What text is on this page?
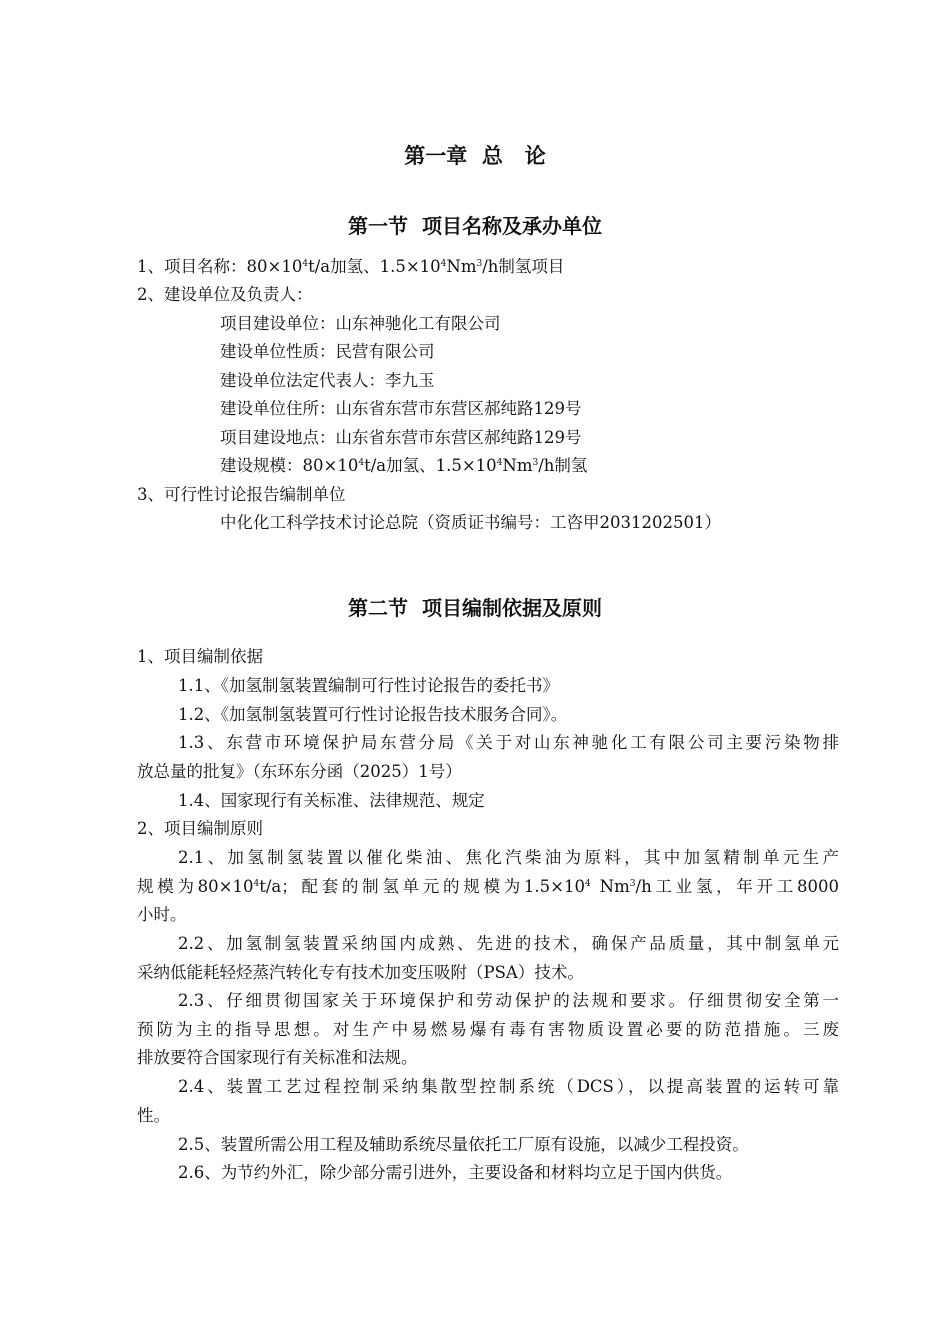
第一章  总   论
第一节  项目名称及承办单位

1、项目名称：$80\times 10^4t/a$加氢、$1.5\times 10^4Nm^3/h$制氢项目

2、建设单位及负责人：

项目建设单位：山东神驰化工有限公司

建设单位性质：民营有限公司

建设单位法定代表人：李九玉

建设单位住所：山东省东营市东营区郝纯路129号

项目建设地点：山东省东营市东营区郝纯路129号

建设规模：$80\times 10^4t/a$加氢、$1.5\times 10^4Nm^3/h$制氢

3、可行性讨论报告编制单位

中化化工科学技术讨论总院（资质证书编号：工咨甲2031202501）

第二节  项目编制依据及原则

1、项目编制依据

1.1、《加氢制氢装置编制可行性讨论报告的委托书》

1.2、《加氢制氢装置可行性讨论报告技术服务合同》。

1.3、东营市环境保护局东营分局《关于对山东神驰化工有限公司主要污染物排

放总量的批复》（东环东分函（2025）1号）

1.4、国家现行有关标准、法律规范、规定

2、项目编制原则

2.1、加氢制氢装置以催化柴油、焦化汽柴油为原料，其中加氢精制单元生产

规模为$80\times 10^4t/a$；配套的制氢单元的规模为$1.5\times 10^4$ Nm$^3$/h工业氢，年开工8000

小时。

2.2、加氢制氢装置采纳国内成熟、先进的技术，确保产品质量，其中制氢单元

采纳低能耗轻烃蒸汽转化专有技术加变压吸附（PSA）技术。

2.3、仔细贯彻国家关于环境保护和劳动保护的法规和要求。仔细贯彻安全第一

预防为主的指导思想。对生产中易燃易爆有毒有害物质设置必要的防范措施。三废

排放要符合国家现行有关标准和法规。

2.4、装置工艺过程控制采纳集散型控制系统（DCS），以提高装置的运转可靠

性。

2.5、装置所需公用工程及辅助系统尽量依托工厂原有设施，以减少工程投资。

2.6、为节约外汇，除少部分需引进外，主要设备和材料均立足于国内供货。
